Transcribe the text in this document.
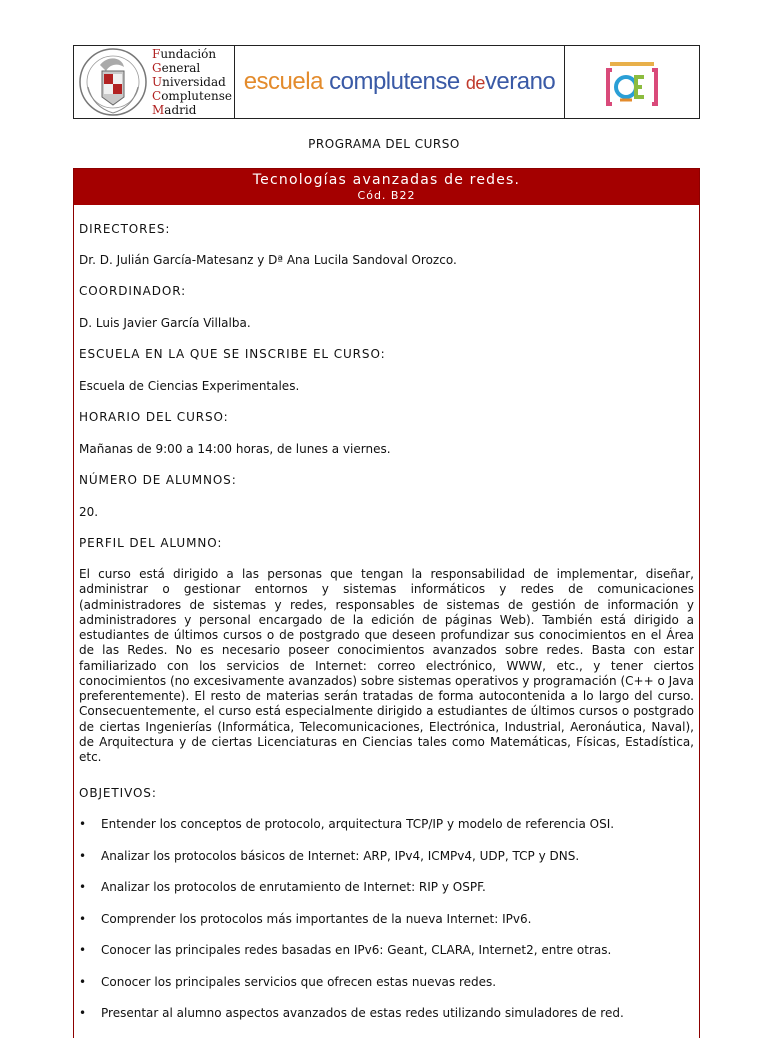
Fundación
General
Universidad
Complutense
Madrid
escuela complutense deverano
PROGRAMA DEL CURSO
Tecnologías avanzadas de redes.
Cód. B22
DIRECTORES:
Dr. D. Julián García-Matesanz y Dª Ana Lucila Sandoval Orozco.
COORDINADOR:
D. Luis Javier García Villalba.
ESCUELA EN LA QUE SE INSCRIBE EL CURSO:
Escuela de Ciencias Experimentales.
HORARIO DEL CURSO:
Mañanas de 9:00 a 14:00 horas, de lunes a viernes.
NÚMERO DE ALUMNOS:
20.
PERFIL DEL ALUMNO:
El curso está dirigido a las personas que tengan la responsabilidad de implementar, diseñar, administrar o gestionar entornos y sistemas informáticos y redes de comunicaciones (administradores de sistemas y redes, responsables de sistemas de gestión de información y administradores y personal encargado de la edición de páginas Web). También está dirigido a estudiantes de últimos cursos o de postgrado que deseen profundizar sus conocimientos en el Área de las Redes. No es necesario poseer conocimientos avanzados sobre redes. Basta con estar familiarizado con los servicios de Internet: correo electrónico, WWW, etc., y tener ciertos conocimientos (no excesivamente avanzados) sobre sistemas operativos y programación (C++ o Java preferentemente). El resto de materias serán tratadas de forma autocontenida a lo largo del curso. Consecuentemente, el curso está especialmente dirigido a estudiantes de últimos cursos o postgrado de ciertas Ingenierías (Informática, Telecomunicaciones, Electrónica, Industrial, Aeronáutica, Naval), de Arquitectura y de ciertas Licenciaturas en Ciencias tales como Matemáticas, Físicas, Estadística, etc.
OBJETIVOS:
• Entender los conceptos de protocolo, arquitectura TCP/IP y modelo de referencia OSI.
• Analizar los protocolos básicos de Internet: ARP, IPv4, ICMPv4, UDP, TCP y DNS.
• Analizar los protocolos de enrutamiento de Internet: RIP y OSPF.
• Comprender los protocolos más importantes de la nueva Internet: IPv6.
• Conocer las principales redes basadas en IPv6: Geant, CLARA, Internet2, entre otras.
• Conocer los principales servicios que ofrecen estas nuevas redes.
• Presentar al alumno aspectos avanzados de estas redes utilizando simuladores de red.
